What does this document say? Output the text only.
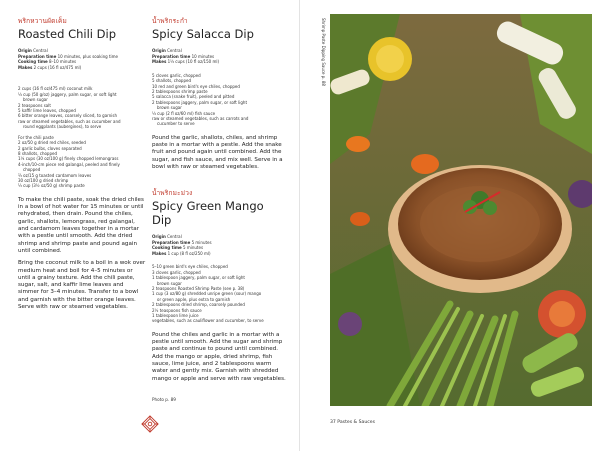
พริกหวานผัดเค็ม
Roasted Chili Dip
Origin Central
Preparation time 10 minutes, plus soaking time
Cooking time 8–10 minutes
Makes 2 cups (16 fl oz/475 ml)
2 cups (16 fl oz/475 ml) coconut milk
¼ cup (50 g/oz) jaggery, palm sugar, or soft light

brown sugar
2 teaspoons salt
5 kaffir lime leaves, chopped
6 bitter orange leaves, coarsely sliced, to garnish
raw or steamed vegetables, such as cucumber and

round eggplants (aubergines), to serve
For the chili paste
2 oz/50 g dried red chiles, seeded
2 garlic bulbs, cloves separated
8 shallots, chopped
1¼ cups (30 oz/100 g) finely chopped lemongrass
4-inch/10-cm piece red galangal, peeled and finely

chopped
⅔ oz/15 g toasted cardamom leaves
30 oz/100 g dried shrimp
⅓ cup (3½ oz/50 g) shrimp paste
To make the chili paste, soak the dried chiles in a bowl of hot water for 15 minutes or until rehydrated, then drain. Pound the chiles, garlic, shallots, lemongrass, red galangal, and cardamom leaves together in a mortar with a pestle until smooth. Add the dried shrimp and shrimp paste and pound again until combined.
Bring the coconut milk to a boil in a wok over medium heat and boil for 4–5 minutes or until a grainy texture. Add the chili paste, sugar, salt, and kaffir lime leaves and simmer for 3–4 minutes. Transfer to a bowl and garnish with the bitter orange leaves. Serve with raw or steamed vegetables.
น้ำพริกระกำ
Spicy Salacca Dip
Origin Central
Preparation time 10 minutes
Makes 1¼ cups (10 fl oz/150 ml)
5 cloves garlic, chopped
5 shallots, chopped
10 red and green bird's eye chiles, chopped
2 tablespoons shrimp paste
5 salacca (snake fruit), peeled and pitted
2 tablespoons jaggery, palm sugar, or soft light

brown sugar
¼ cup (2 fl oz/60 ml) fish sauce
raw or steamed vegetables, such as carrots and

cucumber to serve
Pound the garlic, shallots, chiles, and shrimp paste in a mortar with a pestle. Add the snake fruit and pound again until combined. Add the sugar, and fish sauce, and mix well. Serve in a bowl with raw or steamed vegetables.
น้ำพริกมะม่วง
Spicy Green Mango Dip
Origin Central
Preparation time 5 minutes
Cooking time 5 minutes
Makes 1 cup (8 fl oz/250 ml)
5–10 green bird's eye chiles, chopped
3 cloves garlic, chopped
1 tablespoon jaggery, palm sugar, or soft light

brown sugar
2 teaspoons Roasted Shrimp Paste (see p. 38)
1 cup (3 oz/80 g) shredded unripe green (sour) mango

or green apple, plus extra to garnish
2 tablespoons dried shrimp, coarsely pounded
2½ teaspoons fish sauce
1 tablespoon lime juice
vegetables, such as cauliflower and cucumber, to serve
Pound the chiles and garlic in a mortar with a pestle until smooth. Add the sugar and shrimp paste and continue to pound until combined. Add the mango or apple, dried shrimp, fish sauce, lime juice, and 2 tablespoons warm water and gently mix. Garnish with shredded mango or apple and serve with raw vegetables.
Photo p. 89
Shrimp Paste Dipping Sauce p. 88
37 Pastes & Sauces
